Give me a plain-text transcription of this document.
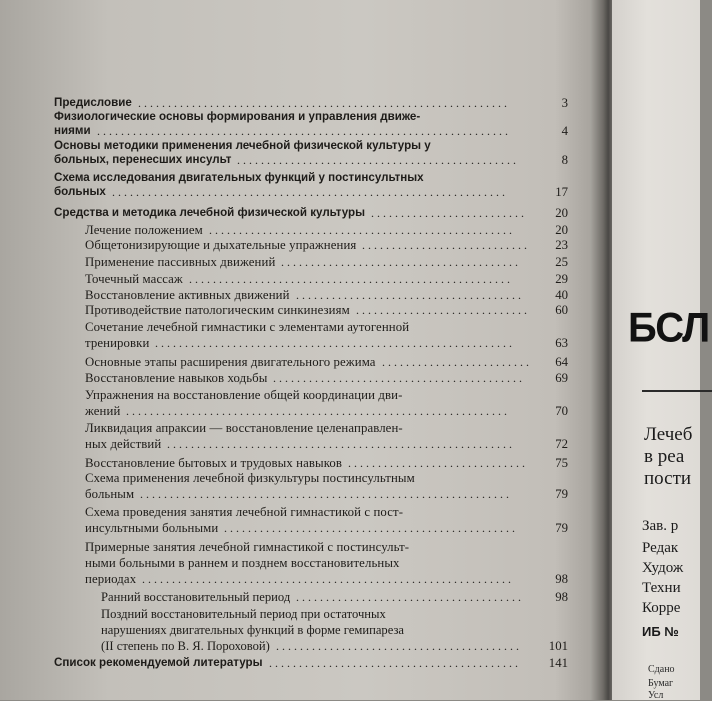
Предисловие	3
..............................................................
Физиологические основы формирования и управления движе-
ниями	4
.....................................................................
Основы методики применения лечебной физической культуры у
больных, перенесших инсульт	8
...............................................
Схема исследования двигательных функций у постинсультных
больных	17
..................................................................
Средства и методика лечебной физической культуры	20
..........................
Лечение положением	20
...................................................
Общетонизирующие и дыхательные упражнения	23
............................
Применение пассивных движений	25
........................................
Точечный массаж	29
......................................................
Восстановление активных движений	40
......................................
Противодействие патологическим синкинезиям	60
.............................
Сочетание лечебной гимнастики с элементами аутогенной
тренировки	63
............................................................
Основные этапы расширения двигательного режима	64
.........................
Восстановление навыков ходьбы	69
..........................................
Упражнения на восстановление общей координации дви-
жений	70
................................................................
Ликвидация апраксии — восстановление целенаправлен-
ных действий	72
..........................................................
Восстановление бытовых и трудовых навыков	75
..............................
Схема применения лечебной физкультуры постинсультным
больным	79
..............................................................
Схема проведения занятия лечебной гимнастикой с пост-
инсультными больными	79
.................................................
Примерные занятия лечебной гимнастикой с постинсульт-
ными больными в раннем и позднем восстановительных
периодах	98
..............................................................
Ранний восстановительный период	98
......................................
Поздний восстановительный период при остаточных
нарушениях двигательных функций в форме гемипареза
(II степень по В. Я. Пороховой)	101
.........................................
Список рекомендуемой литературы	141
..........................................
БСЛ
Лечеб
в реа
пости
Зав. р
Редак
Худож
Техни
Корре
ИБ №
Сдано
Бумаг
Усл
